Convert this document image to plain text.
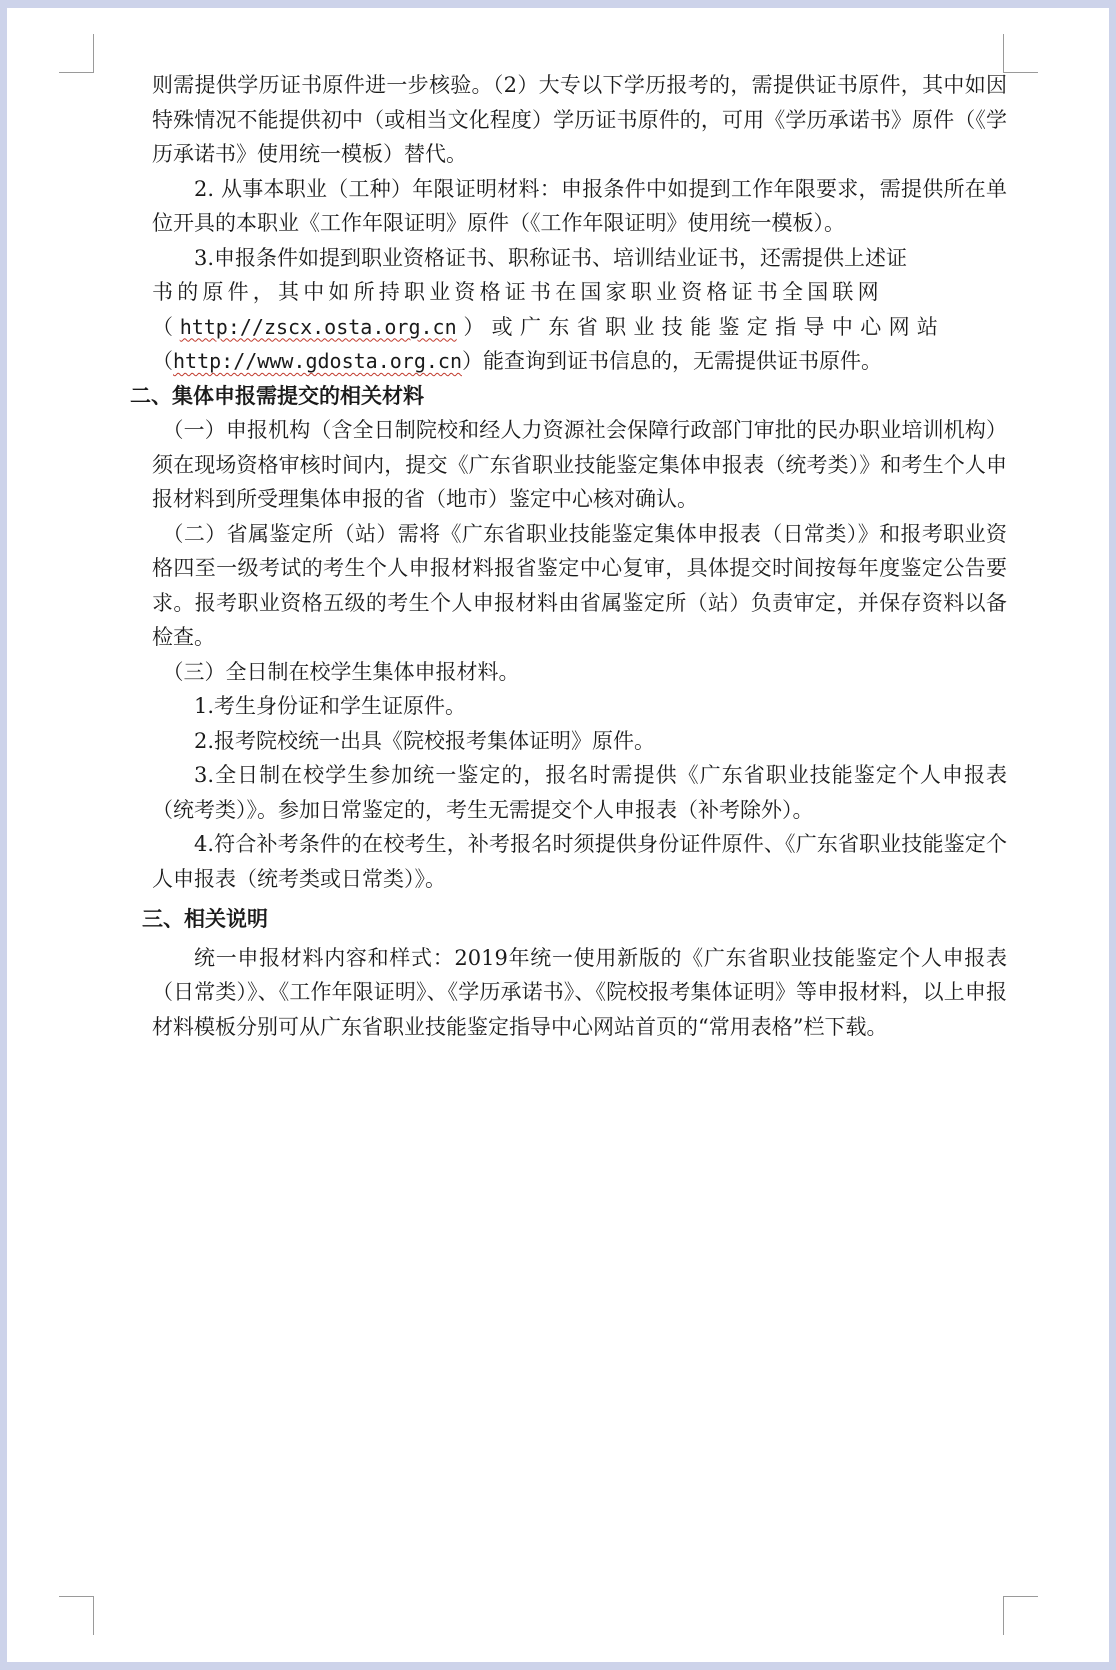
则需提供学历证书原件进一步核验。（2）大专以下学历报考的，需提供证书原件，其中如因特殊情况不能提供初中（或相当文化程度）学历证书原件的，可用《学历承诺书》原件（《学历承诺书》使用统一模板）替代。

2. 从事本职业（工种）年限证明材料：申报条件中如提到工作年限要求，需提供所在单位开具的本职业《工作年限证明》原件（《工作年限证明》使用统一模板）。

3.申报条件如提到职业资格证书、职称证书、培训结业证书，还需提供上述证

书的原件，其中如所持职业资格证书在国家职业资格证书全国联网

（ http://zscx.osta.org.cn ）或广东省职业技能鉴定指导中心网站

（http://www.gdosta.org.cn）能查询到证书信息的，无需提供证书原件。

二、集体申报需提交的相关材料

（一）申报机构（含全日制院校和经人力资源社会保障行政部门审批的民办职业培训机构）须在现场资格审核时间内，提交《广东省职业技能鉴定集体申报表（统考类）》和考生个人申报材料到所受理集体申报的省（地市）鉴定中心核对确认。

（二）省属鉴定所（站）需将《广东省职业技能鉴定集体申报表（日常类）》和报考职业资格四至一级考试的考生个人申报材料报省鉴定中心复审，具体提交时间按每年度鉴定公告要求。报考职业资格五级的考生个人申报材料由省属鉴定所（站）负责审定，并保存资料以备检查。

（三）全日制在校学生集体申报材料。

1.考生身份证和学生证原件。

2.报考院校统一出具《院校报考集体证明》原件。

3.全日制在校学生参加统一鉴定的，报名时需提供《广东省职业技能鉴定个人申报表（统考类）》。参加日常鉴定的，考生无需提交个人申报表（补考除外）。

4.符合补考条件的在校考生，补考报名时须提供身份证件原件、《广东省职业技能鉴定个人申报表（统考类或日常类）》。

三、相关说明

统一申报材料内容和样式：2019年统一使用新版的《广东省职业技能鉴定个人申报表（日常类）》、《工作年限证明》、《学历承诺书》、《院校报考集体证明》等申报材料，以上申报材料模板分别可从广东省职业技能鉴定指导中心网站首页的“常用表格”栏下载。
